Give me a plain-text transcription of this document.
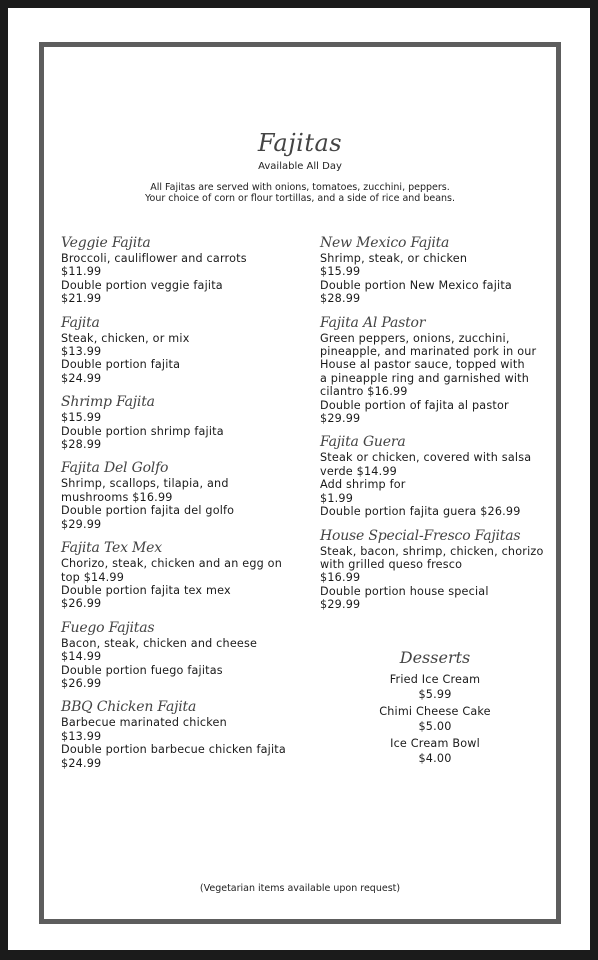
Fajitas
Available All Day
All Fajitas are served with onions, tomatoes, zucchini, peppers.
Your choice of corn or flour tortillas, and a side of rice and beans.
Veggie Fajita
Broccoli, cauliflower and carrots
$11.99
Double portion veggie fajita
$21.99
Fajita
Steak, chicken, or mix
$13.99
Double portion fajita
$24.99
Shrimp Fajita
$15.99
Double portion shrimp fajita
$28.99
Fajita Del Golfo
Shrimp, scallops, tilapia, and
mushrooms $16.99
Double portion fajita del golfo
$29.99
Fajita Tex Mex
Chorizo, steak, chicken and an egg on
top $14.99
Double portion fajita tex mex
$26.99
Fuego Fajitas
Bacon, steak, chicken and cheese
$14.99
Double portion fuego fajitas
$26.99
BBQ Chicken Fajita
Barbecue marinated chicken
$13.99
Double portion barbecue chicken fajita
$24.99
New Mexico Fajita
Shrimp, steak, or chicken
$15.99
Double portion New Mexico fajita
$28.99
Fajita Al Pastor
Green peppers, onions, zucchini,
pineapple, and marinated pork in our
House al pastor sauce, topped with
a pineapple ring and garnished with
cilantro $16.99
Double portion of fajita al pastor
$29.99
Fajita Guera
Steak or chicken, covered with salsa
verde $14.99
Add shrimp for
$1.99
Double portion fajita guera $26.99
House Special-Fresco Fajitas
Steak, bacon, shrimp, chicken, chorizo
with grilled queso fresco
$16.99
Double portion house special
$29.99
Desserts
Fried Ice Cream
$5.99
Chimi Cheese Cake
$5.00
Ice Cream Bowl
$4.00
(Vegetarian items available upon request)
